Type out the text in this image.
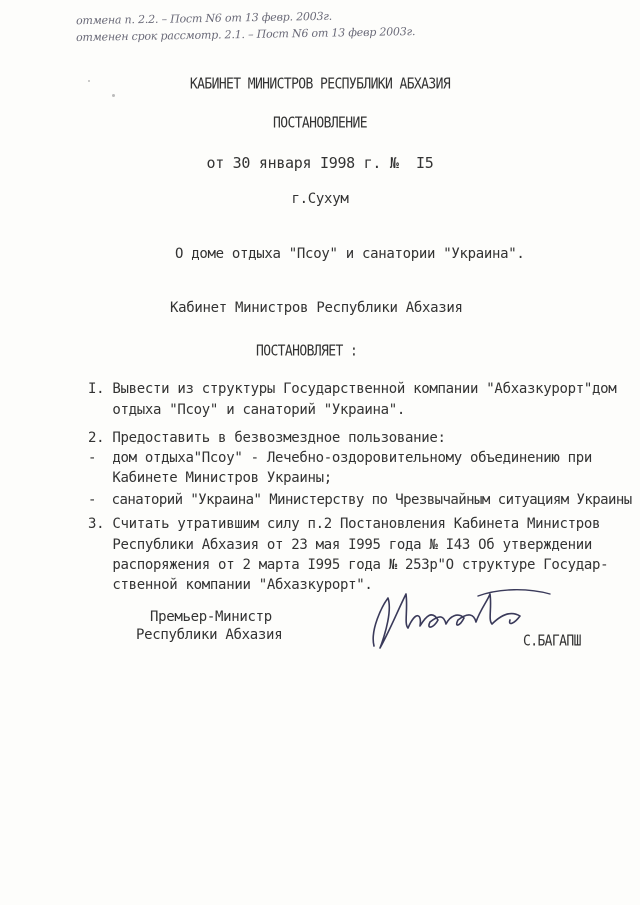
отмена п. 2.2. – Пост N6 от 13 февр. 2003г.
отменен срок рассмотр. 2.1. – Пост N6 от 13 февр 2003г.
КАБИНЕТ МИНИСТРОВ РЕСПУБЛИКИ АБХАЗИЯ
ПОСТАНОВЛЕНИЕ
от 30 января I998 г. №  I5
г.Сухум
О доме отдыха "Псоу" и санатории "Украина".
Кабинет Министров Республики Абхазия
ПОСТАНОВЛЯЕТ :
I. Вывести из структуры Государственной компании "Абхазкурорт"дом
отдыха "Псоу" и санаторий "Украина".
2. Предоставить в безвозмездное пользование:
-  дом отдыха"Псоу" - Лечебно-оздоровительному объединению при
Кабинете Министров Украины;
-  санаторий "Украина" Министерству по Чрезвычайным ситуациям Украины
3. Считать утратившим силу п.2 Постановления Кабинета Министров
Республики Абхазия от 23 мая I995 года № I43 Об утверждении
распоряжения от 2 марта I995 года № 253р"О структуре Государ-
ственной компании "Абхазкурорт".
Премьер-Министр
Республики Абхазия	С.БАГАПШ
